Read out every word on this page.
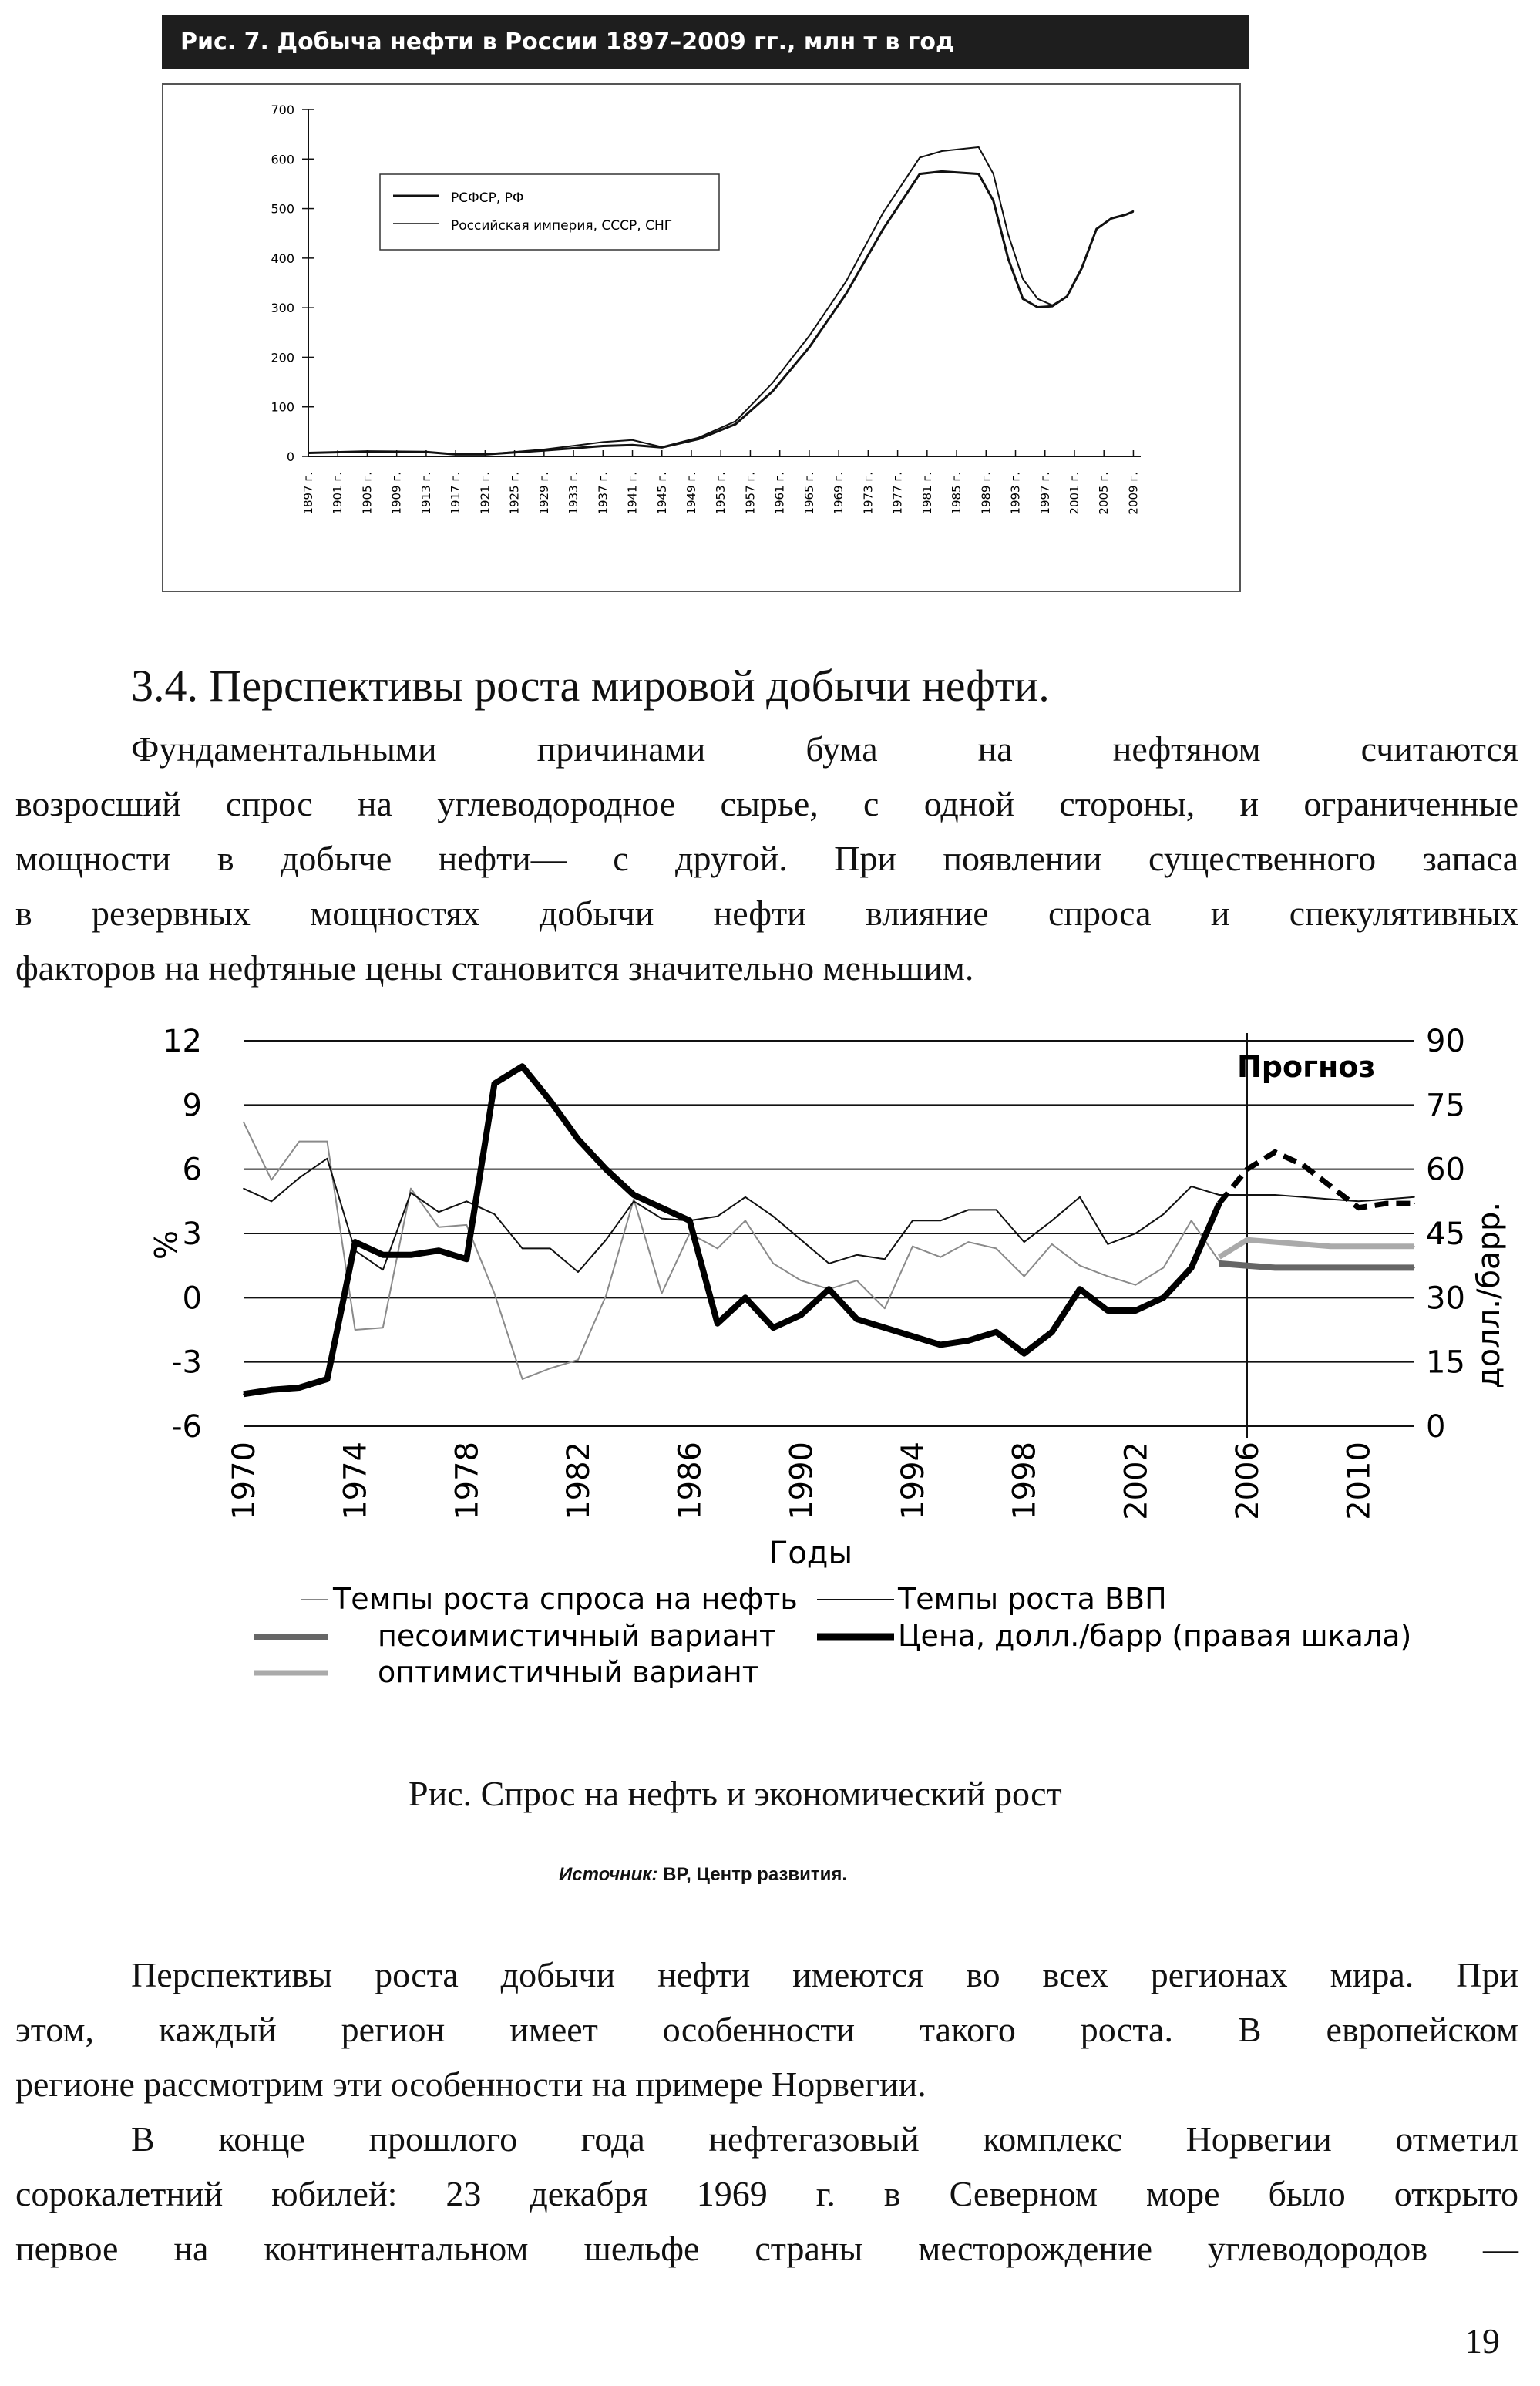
Рис. 7. Добыча нефти в России 1897–2009 гг., млн т в год
700
600
500
400
300
200
100
0
1897 г. 1901 г. 1905 г. 1909 г. 1913 г. 1917 г. 1921 г. 1925 г. 1929 г. 1933 г. 1937 г. 1941 г. 1945 г. 1949 г. 1953 г. 1957 г. 1961 г. 1965 г. 1969 г. 1973 г. 1977 г. 1981 г. 1985 г. 1989 г. 1993 г. 1997 г. 2001 г. 2005 г. 2009 г.
РСФСР, РФ
Российская империя, СССР, СНГ
3.4. Перспективы роста мировой добычи нефти.
Фундаментальными причинами бума на нефтяном считаются
возросший спрос на углеводородное сырье, с одной стороны, и ограниченные
мощности в добыче нефти— с другой. При появлении существенного запаса
в резервных мощностях добычи нефти влияние спроса и спекулятивных
факторов на нефтяные цены становится значительно меньшим.
12
9
6
3
0
-3
-6
90
75
60
45
30
15
0
1970 1974 1978 1982 1986 1990 1994 1998 2002 2006 2010
%	долл./барр.
Прогноз
Годы
Темпы роста спроса на нефть	Темпы роста ВВП
песоимистичный вариант	Цена, долл./барр (правая шкала)
оптимистичный вариант
Рис. Спрос на нефть и экономический рост
Источник: ВР, Центр развития.
Перспективы роста добычи нефти имеются во всех регионах мира. При
этом, каждый регион имеет особенности такого роста. В европейском
регионе рассмотрим эти особенности на примере Норвегии.
В конце прошлого года нефтегазовый комплекс Норвегии отметил
сорокалетний юбилей: 23 декабря 1969 г. в Северном море было открыто
первое на континентальном шельфе страны месторождение углеводородов —
19
